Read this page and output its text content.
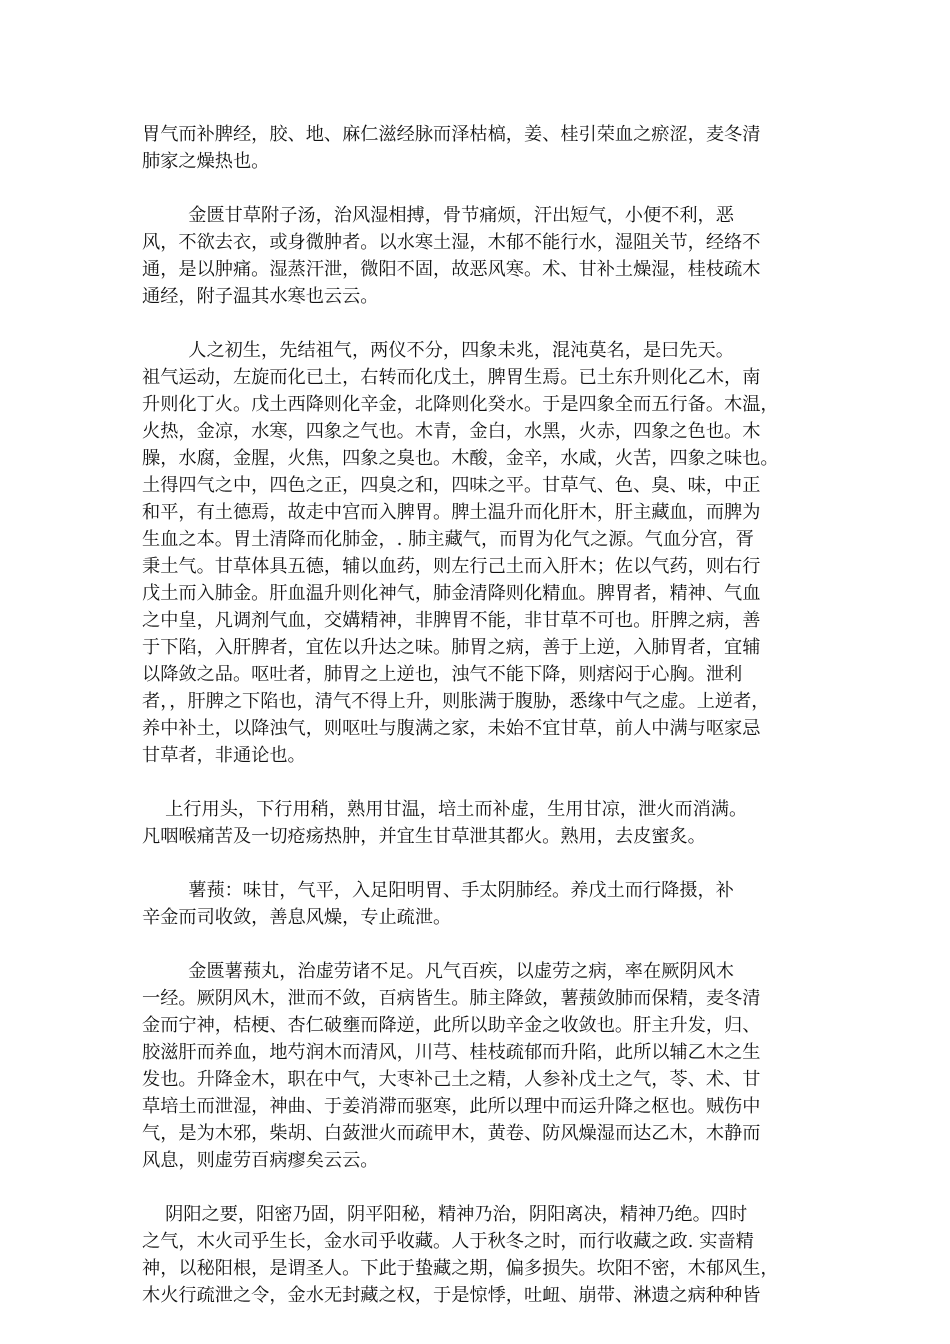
胃气而补脾经，胶、地、麻仁滋经脉而泽枯槁，姜、桂引荣血之瘀涩，麦冬清
肺家之燥热也。
金匮甘草附子汤，治风湿相搏，骨节痛烦，汗出短气，小便不利，恶
风，不欲去衣，或身微肿者。以水寒土湿，木郁不能行水，湿阻关节，经络不
通，是以肿痛。湿蒸汗泄，微阳不固，故恶风寒。术、甘补土燥湿，桂枝疏木
通经，附子温其水寒也云云。
人之初生，先结祖气，两仪不分，四象未兆，混沌莫名，是曰先天。
祖气运动，左旋而化已土，右转而化戊土，脾胃生焉。已土东升则化乙木，南
升则化丁火。戊土西降则化辛金，北降则化癸水。于是四象全而五行备。木温，
火热，金凉，水寒，四象之气也。木青，金白，水黑，火赤，四象之色也。木
臊，水腐，金腥，火焦，四象之臭也。木酸，金辛，水咸，火苦，四象之味也。
土得四气之中，四色之正，四臭之和，四味之平。甘草气、色、臭、味，中正
和平，有土德焉，故走中宫而入脾胃。脾土温升而化肝木，肝主藏血，而脾为
生血之本。胃土清降而化肺金，. 肺主藏气，而胃为化气之源。气血分宫，胥
秉土气。甘草体具五德，辅以血药，则左行己土而入肝木；佐以气药，则右行
戊土而入肺金。肝血温升则化神气，肺金清降则化精血。脾胃者，精神、气血
之中皇，凡调剂气血，交媾精神，非脾胃不能，非甘草不可也。肝脾之病，善
于下陷，入肝脾者，宜佐以升达之味。肺胃之病，善于上逆，入肺胃者，宜辅
以降敛之品。呕吐者，肺胃之上逆也，浊气不能下降，则痞闷于心胸。泄利
者，，肝脾之下陷也，清气不得上升，则胀满于腹胁，悉缘中气之虚。上逆者，
养中补土，以降浊气，则呕吐与腹满之家，未始不宜甘草，前人中满与呕家忌
甘草者，非通论也。
上行用头，下行用稍，熟用甘温，培土而补虚，生用甘凉，泄火而消满。
凡咽喉痛苦及一切疮疡热肿，并宜生甘草泄其都火。熟用，去皮蜜炙。
薯蓣：味甘，气平，入足阳明胃、手太阴肺经。养戊土而行降摄，补
辛金而司收敛，善息风燥，专止疏泄。
金匮薯蓣丸，治虚劳诸不足。凡气百疾，以虚劳之病，率在厥阴风木
一经。厥阴风木，泄而不敛，百病皆生。肺主降敛，薯蓣敛肺而保精，麦冬清
金而宁神，桔梗、杏仁破壅而降逆，此所以助辛金之收敛也。肝主升发，归、
胶滋肝而养血，地芍润木而清风，川芎、桂枝疏郁而升陷，此所以辅乙木之生
发也。升降金木，职在中气，大枣补己土之精，人参补戊土之气，苓、术、甘
草培土而泄湿，神曲、于姜消滞而驱寒，此所以理中而运升降之枢也。贼伤中
气，是为木邪，柴胡、白蔹泄火而疏甲木，黄卷、防风燥湿而达乙木，木静而
风息，则虚劳百病瘳矣云云。
阴阳之要，阳密乃固，阴平阳秘，精神乃治，阴阳离决，精神乃绝。四时
之气，木火司乎生长，金水司乎收藏。人于秋冬之时，而行收藏之政. 实啬精
神，以秘阳根，是谓圣人。下此于蛰藏之期，偏多损失。坎阳不密，木郁风生，
木火行疏泄之令，金水无封藏之权，于是惊悸，吐衄、崩带、淋遗之病种种皆
